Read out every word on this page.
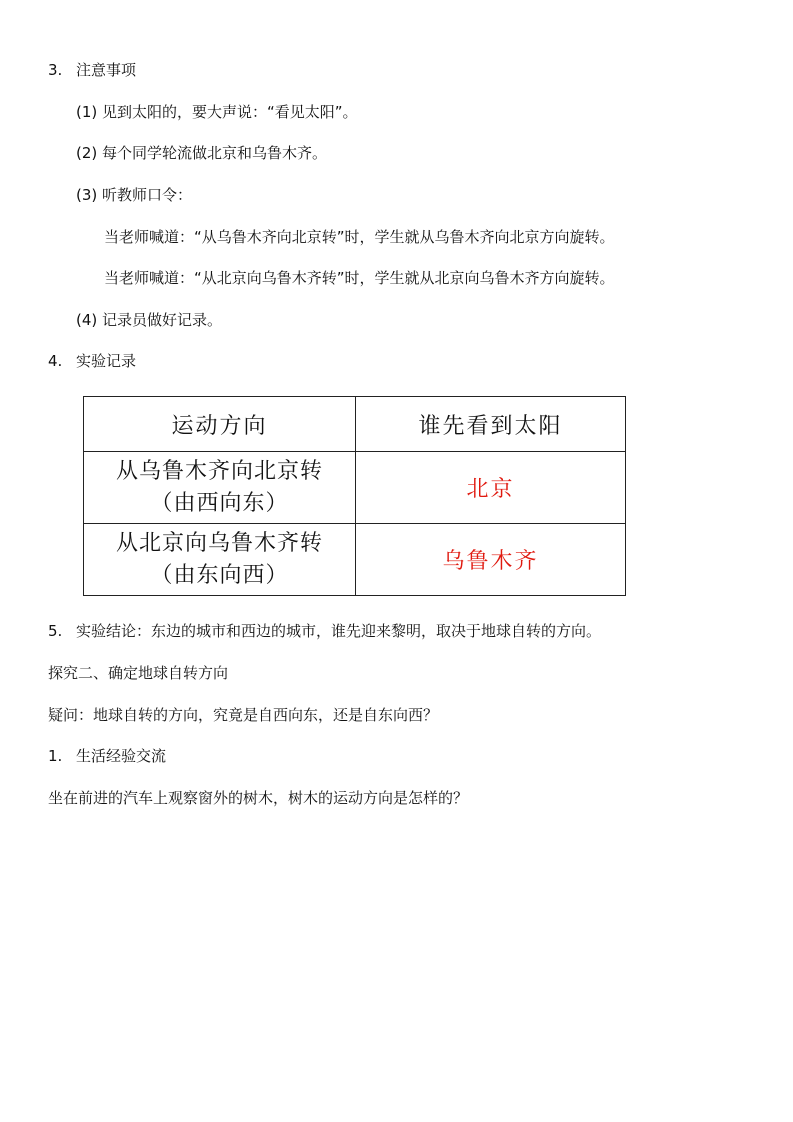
3. 注意事项
(1) 见到太阳的，要大声说：“看见太阳”。
(2) 每个同学轮流做北京和乌鲁木齐。
(3) 听教师口令：
当老师喊道：“从乌鲁木齐向北京转”时，学生就从乌鲁木齐向北京方向旋转。
当老师喊道：“从北京向乌鲁木齐转”时，学生就从北京向乌鲁木齐方向旋转。
(4) 记录员做好记录。
4. 实验记录
运动方向	谁先看到太阳

从乌鲁木齐向北京转
（由西向东）	北京

从北京向乌鲁木齐转
（由东向西）	乌鲁木齐
5. 实验结论：东边的城市和西边的城市，谁先迎来黎明，取决于地球自转的方向。
探究二、确定地球自转方向
疑问：地球自转的方向，究竟是自西向东，还是自东向西？
1. 生活经验交流
坐在前进的汽车上观察窗外的树木，树木的运动方向是怎样的？
